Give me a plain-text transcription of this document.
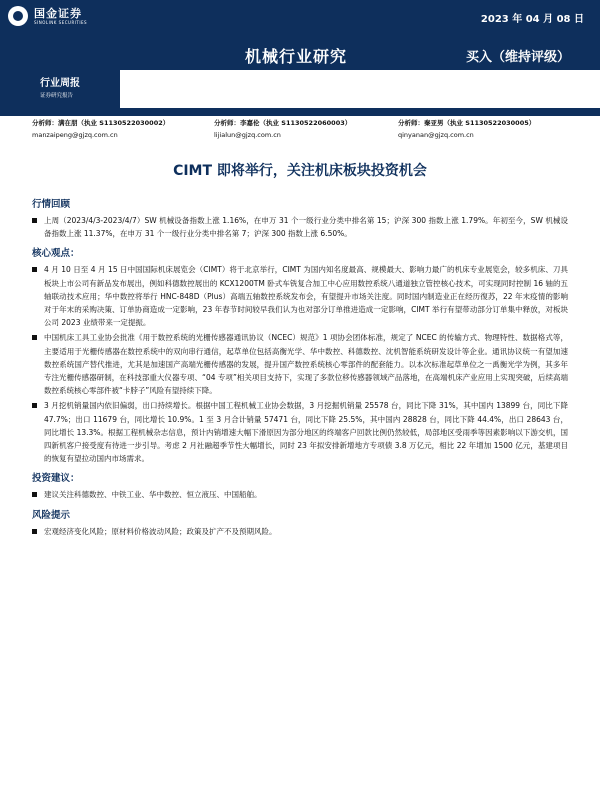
国金证券
SINOLINK SECURITIES	2023 年 04 月 08 日
机械行业研究	买入（维持评级）
行业周报
证券研究报告
分析师：满在朋（执业 S1130522030002）
manzaipeng@gjzq.com.cn
分析师：李嘉伦（执业 S1130522060003）
lijialun@gjzq.com.cn
分析师：秦亚男（执业 S1130522030005）
qinyanan@gjzq.com.cn
CIMT 即将举行，关注机床板块投资机会
行情回顾
上周（2023/4/3-2023/4/7）SW 机械设备指数上涨 1.16%，在申万 31 个一级行业分类中排名第 15；沪深 300 指数上涨 1.79%。年初至今，SW 机械设备指数上涨 11.37%，在申万 31 个一级行业分类中排名第 7；沪深 300 指数上涨 6.50%。
核心观点：
4 月 10 日至 4 月 15 日中国国际机床展览会（CIMT）将于北京举行，CIMT 为国内知名度最高、规模最大、影响力最广的机床专业展览会，较多机床、刀具板块上市公司有新品发布展出，例如科德数控展出的 KCX1200TM 卧式车铣复合加工中心应用数控系统八通道独立管控核心技术，可实现同时控制 16 轴的五轴联动技术应用；华中数控将举行 HNC-848D（Plus）高端五轴数控系统发布会，有望提升市场关注度。同时国内制造业正在经历復苏，22 年末疫情的影响对于年末的采购决策、订单协商造成一定影响，23 年春节时间较早我们认为也对部分订单推进造成一定影响，CIMT 举行有望带动部分订单集中释放，对板块公司 2023 业绩带来一定提振。
中国机床工具工业协会批准《用于数控系统的光栅传感器通讯协议（NCEC）规范》1 项协会团体标准，规定了 NCEC 的传输方式、物理特性、数据格式等，主要适用于光栅传感器在数控系统中的双向串行通信，起草单位包括高衡光学、华中数控、科德数控、沈机智能系统研发设计等企业。通讯协议统一有望加速数控系统国产替代推进，尤其是加速国产高端光栅传感器的发展，提升国产数控系统核心零部件的配套能力。以本次标准起草单位之一禹衡光学为例，其多年专注光栅传感器研制，在科技部重大仪器专项、“04 专项”相关项目支持下，实现了多款位移传感器领域产品落地，在高端机床产业应用上实现突破，后续高端数控系统核心零部件被“卡脖子”风险有望持续下降。
3 月挖机销量国内依旧偏弱，出口持续增长。根据中国工程机械工业协会数据，3 月挖掘机销量 25578 台，同比下降 31%，其中国内 13899 台，同比下降 47.7%；出口 11679 台，同比增长 10.9%。1 至 3 月合计销量 57471 台，同比下降 25.5%，其中国内 28828 台，同比下降 44.4%，出口 28643 台，同比增长 13.3%。根据工程机械杂志信息，预计内销增速大幅下滑原因为部分地区的终端客户回款比例仍然较低，局部地区受雨季等因素影响以下游交机，国四新机客户接受度有待进一步引导。考虑 2 月社融超季节性大幅增长，同时 23 年拟安排新增地方专项债 3.8 万亿元，相比 22 年增加 1500 亿元，基建项目的恢复有望拉动国内市场需求。
投资建议：
建议关注科德数控、中铁工业、华中数控、恒立液压、中国船舶。
风险提示
宏观经济变化风险；原材料价格波动风险；政策及扩产不及预期风险。
